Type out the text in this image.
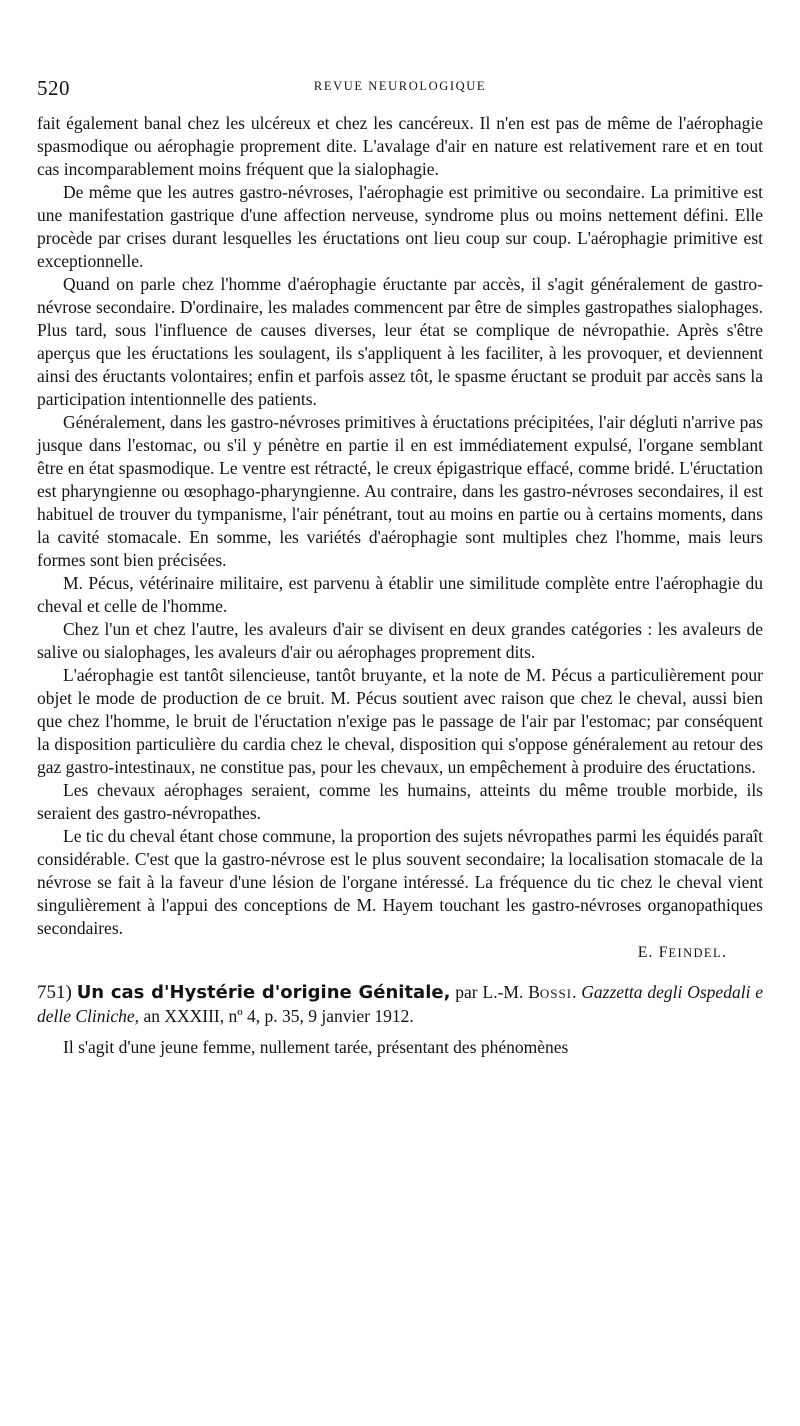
520	REVUE NEUROLOGIQUE

fait également banal chez les ulcéreux et chez les cancéreux. Il n'en est pas de même de l'aérophagie spasmodique ou aérophagie proprement dite. L'avalage d'air en nature est relativement rare et en tout cas incomparablement moins fréquent que la sialophagie.

De même que les autres gastro-névroses, l'aérophagie est primitive ou secondaire. La primitive est une manifestation gastrique d'une affection nerveuse, syndrome plus ou moins nettement défini. Elle procède par crises durant lesquelles les éructations ont lieu coup sur coup. L'aérophagie primitive est exceptionnelle.

Quand on parle chez l'homme d'aérophagie éructante par accès, il s'agit généralement de gastro-névrose secondaire. D'ordinaire, les malades commencent par être de simples gastropathes sialophages. Plus tard, sous l'influence de causes diverses, leur état se complique de névropathie. Après s'être aperçus que les éructations les soulagent, ils s'appliquent à les faciliter, à les provoquer, et deviennent ainsi des éructants volontaires; enfin et parfois assez tôt, le spasme éructant se produit par accès sans la participation intentionnelle des patients.

Généralement, dans les gastro-névroses primitives à éructations précipitées, l'air dégluti n'arrive pas jusque dans l'estomac, ou s'il y pénètre en partie il en est immédiatement expulsé, l'organe semblant être en état spasmodique. Le ventre est rétracté, le creux épigastrique effacé, comme bridé. L'éructation est pharyngienne ou œsophago-pharyngienne. Au contraire, dans les gastro-névroses secondaires, il est habituel de trouver du tympanisme, l'air pénétrant, tout au moins en partie ou à certains moments, dans la cavité stomacale. En somme, les variétés d'aérophagie sont multiples chez l'homme, mais leurs formes sont bien précisées.

M. Pécus, vétérinaire militaire, est parvenu à établir une similitude complète entre l'aérophagie du cheval et celle de l'homme.

Chez l'un et chez l'autre, les avaleurs d'air se divisent en deux grandes catégories : les avaleurs de salive ou sialophages, les avaleurs d'air ou aérophages proprement dits.

L'aérophagie est tantôt silencieuse, tantôt bruyante, et la note de M. Pécus a particulièrement pour objet le mode de production de ce bruit. M. Pécus soutient avec raison que chez le cheval, aussi bien que chez l'homme, le bruit de l'éructation n'exige pas le passage de l'air par l'estomac; par conséquent la disposition particulière du cardia chez le cheval, disposition qui s'oppose généralement au retour des gaz gastro-intestinaux, ne constitue pas, pour les chevaux, un empêchement à produire des éructations.

Les chevaux aérophages seraient, comme les humains, atteints du même trouble morbide, ils seraient des gastro-névropathes.

Le tic du cheval étant chose commune, la proportion des sujets névropathes parmi les équidés paraît considérable. C'est que la gastro-névrose est le plus souvent secondaire; la localisation stomacale de la névrose se fait à la faveur d'une lésion de l'organe intéressé. La fréquence du tic chez le cheval vient singulièrement à l'appui des conceptions de M. Hayem touchant les gastro-névroses organopathiques secondaires.

E. FEINDEL.

751) Un cas d'Hystérie d'origine Génitale, par L.-M. BOSSI. Gazzetta degli Ospedali e delle Cliniche, an XXXIII, nº 4, p. 35, 9 janvier 1912.

Il s'agit d'une jeune femme, nullement tarée, présentant des phénomènes
